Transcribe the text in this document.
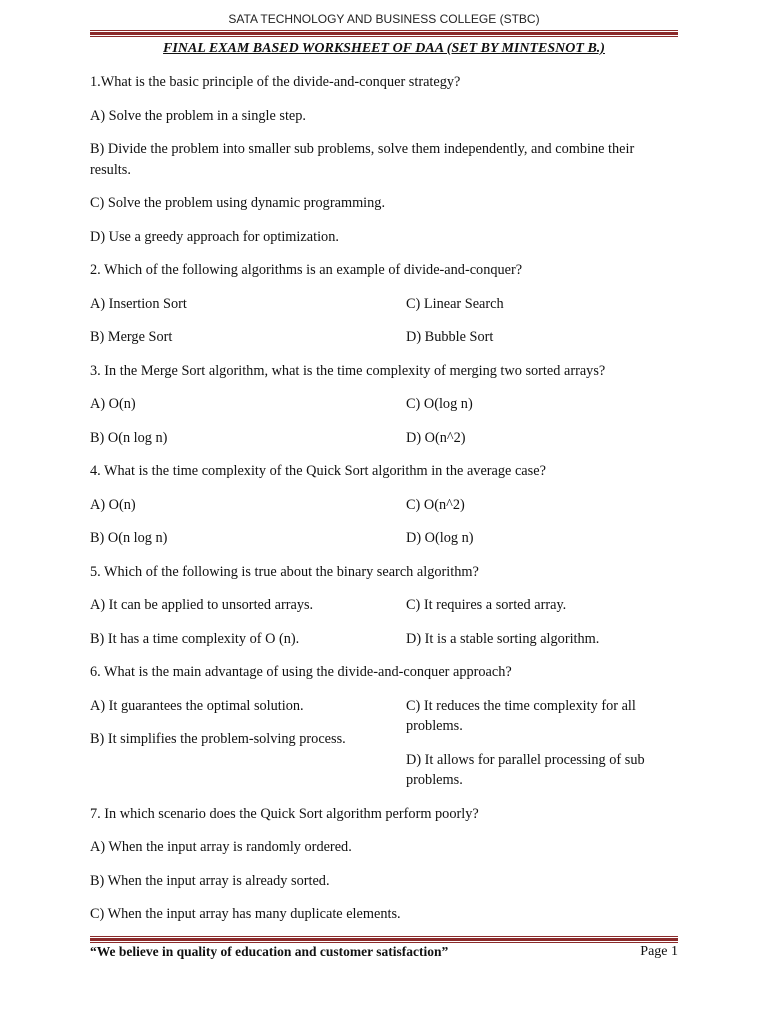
SATA TECHNOLOGY AND BUSINESS COLLEGE (STBC)
FINAL EXAM BASED WORKSHEET OF DAA (SET BY MINTESNOT B.)

1.What is the basic principle of the divide-and-conquer strategy?

A) Solve the problem in a single step.

B) Divide the problem into smaller sub problems, solve them independently, and combine their results.

C) Solve the problem using dynamic programming.

D) Use a greedy approach for optimization.

2. Which of the following algorithms is an example of divide-and-conquer?

A) Insertion Sort	C) Linear Search
B) Merge Sort	D) Bubble Sort

3. In the Merge Sort algorithm, what is the time complexity of merging two sorted arrays?

A) O(n)	C) O(log n)
B) O(n log n)	D) O(n^2)

4. What is the time complexity of the Quick Sort algorithm in the average case?

A) O(n)	C) O(n^2)
B) O(n log n)	D) O(log n)

5. Which of the following is true about the binary search algorithm?

A) It can be applied to unsorted arrays.	C) It requires a sorted array.
B) It has a time complexity of O (n).	D) It is a stable sorting algorithm.

6. What is the main advantage of using the divide-and-conquer approach?

A) It guarantees the optimal solution.

B) It simplifies the problem-solving process.

C) It reduces the time complexity for all problems.

D) It allows for parallel processing of sub problems.

7. In which scenario does the Quick Sort algorithm perform poorly?

A) When the input array is randomly ordered.

B) When the input array is already sorted.

C) When the input array has many duplicate elements.

“We believe in quality of education and customer satisfaction”	Page 1
